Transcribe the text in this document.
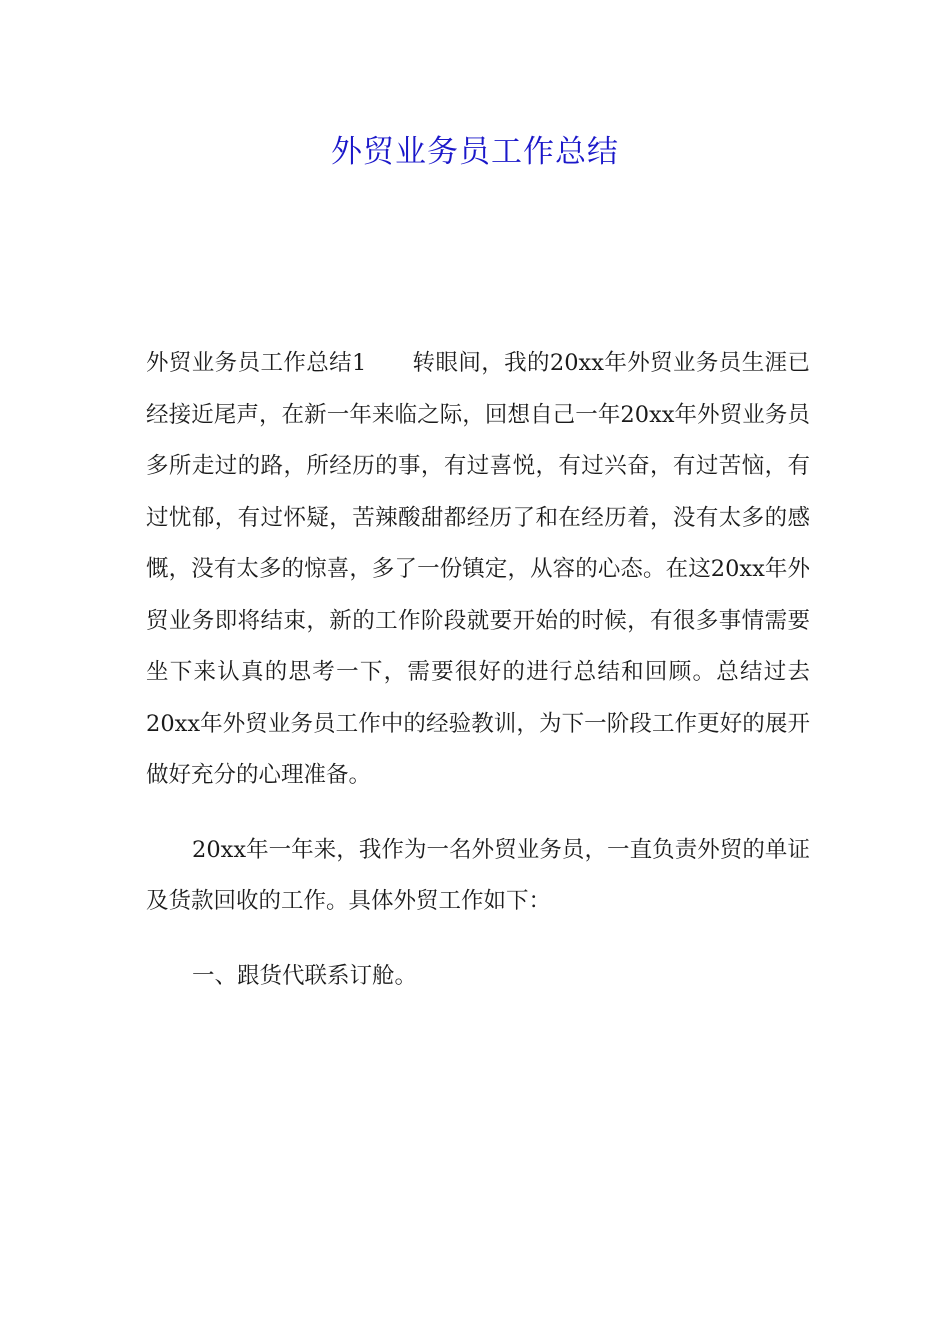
外贸业务员工作总结

外贸业务员工作总结1　　转眼间，我的20xx年外贸业务员生涯已经接近尾声，在新一年来临之际，回想自己一年20xx年外贸业务员多所走过的路，所经历的事，有过喜悦，有过兴奋，有过苦恼，有过忧郁，有过怀疑，苦辣酸甜都经历了和在经历着，没有太多的感慨，没有太多的惊喜，多了一份镇定，从容的心态。在这20xx年外贸业务即将结束，新的工作阶段就要开始的时候，有很多事情需要坐下来认真的思考一下，需要很好的进行总结和回顾。总结过去20xx年外贸业务员工作中的经验教训，为下一阶段工作更好的展开做好充分的心理准备。

20xx年一年来，我作为一名外贸业务员，一直负责外贸的单证及货款回收的工作。具体外贸工作如下：

一、跟货代联系订舱。
